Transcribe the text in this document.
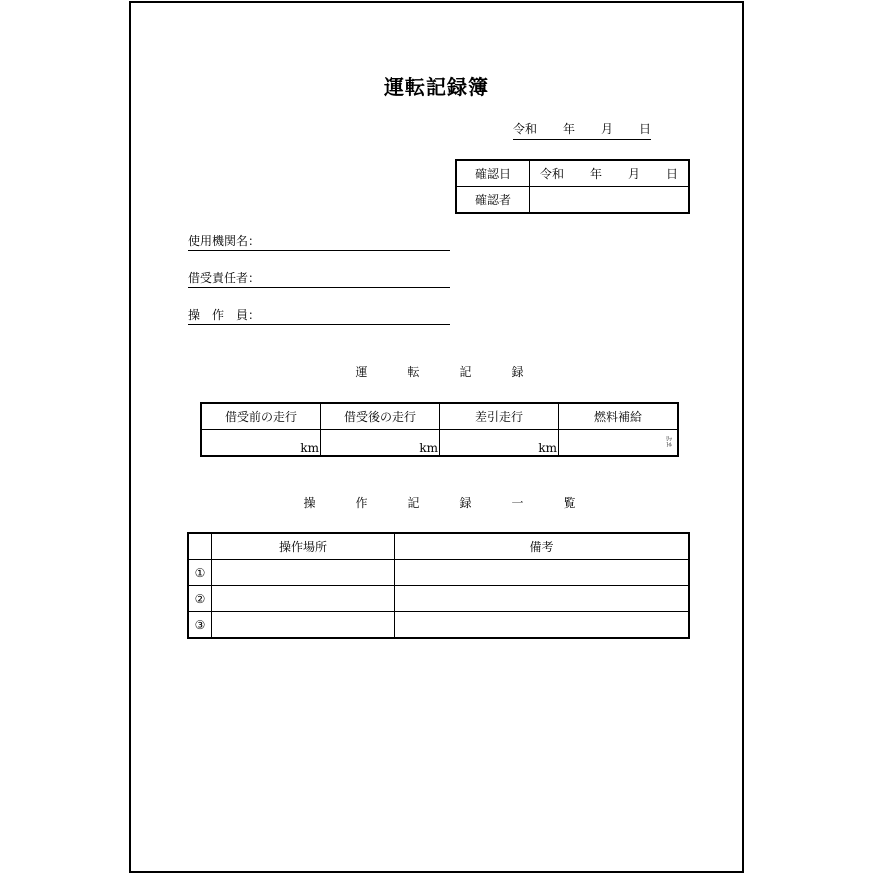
運転記録簿
令和 年 月 日
確認日	令和 年 月 日

確認者	
使用機関名：
借受責任者：
操　作　員：
運　転　記　録
借受前の走行	借受後の走行	差引走行	燃料補給
km	km	km	ﾘｯ
ﾄﾙ
操　作　記　録　一　覧
	操作場所	備考
①		
②		
③		
